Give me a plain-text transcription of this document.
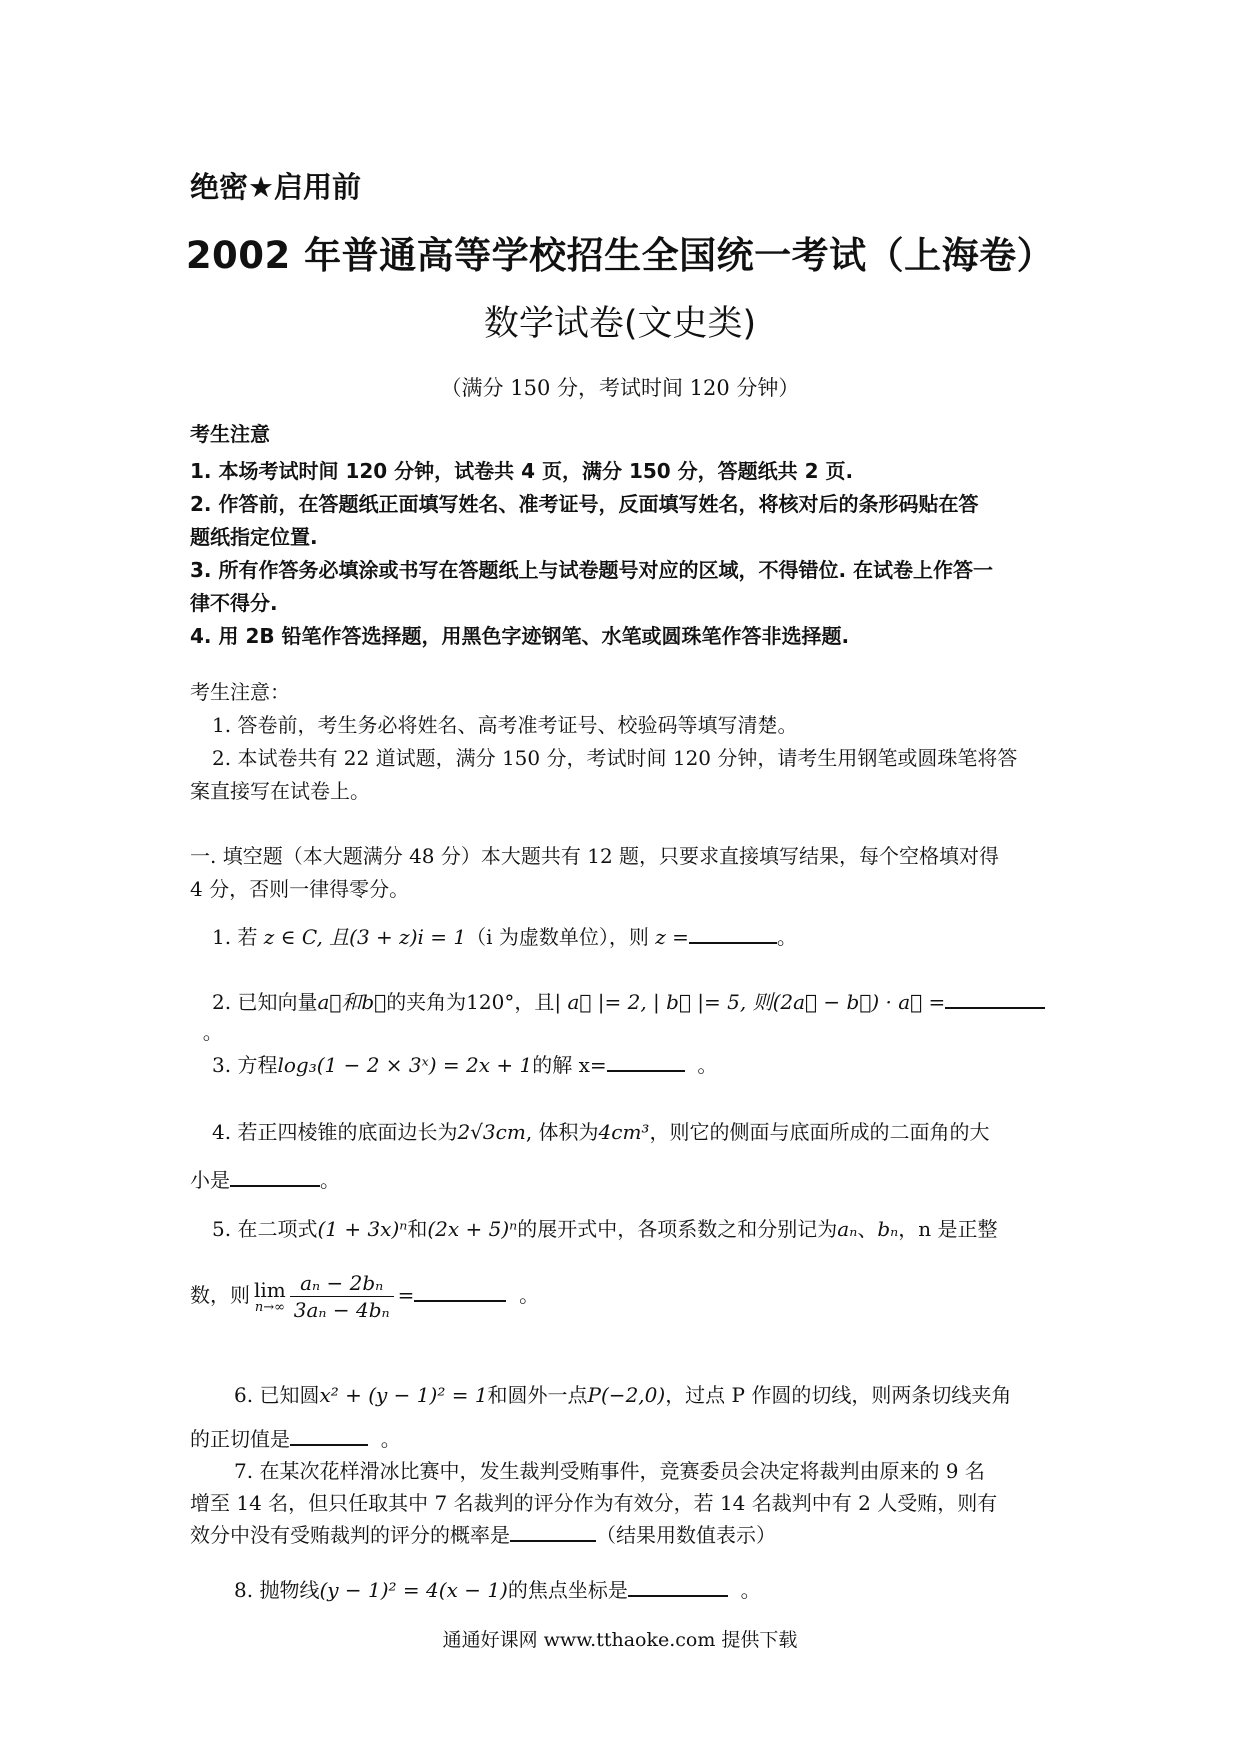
绝密★启用前
2002 年普通高等学校招生全国统一考试（上海卷）
数学试卷(文史类)
（满分 150 分，考试时间 120 分钟）
考生注意
1. 本场考试时间 120 分钟，试卷共 4 页，满分 150 分，答题纸共 2 页.
2. 作答前，在答题纸正面填写姓名、准考证号，反面填写姓名，将核对后的条形码贴在答
题纸指定位置.
3. 所有作答务必填涂或书写在答题纸上与试卷题号对应的区域，不得错位. 在试卷上作答一
律不得分.
4. 用 2B 铅笔作答选择题，用黑色字迹钢笔、水笔或圆珠笔作答非选择题.
考生注意：
1. 答卷前，考生务必将姓名、高考准考证号、校验码等填写清楚。
2. 本试卷共有 22 道试题，满分 150 分，考试时间 120 分钟，请考生用钢笔或圆珠笔将答
案直接写在试卷上。
一. 填空题（本大题满分 48 分）本大题共有 12 题，只要求直接填写结果，每个空格填对得
4 分，否则一律得零分。
1. 若 z ∈ C, 且(3 + z)i = 1（i 为虚数单位），则 z =	。
2. 已知向量a⃗和b⃗的夹角为120°，且| a⃗ |= 2, | b⃗ |= 5, 则(2a⃗ − b⃗) · a⃗ =  。
3. 方程log₃(1 − 2 × 3ˣ) = 2x + 1的解 x=	。
4. 若正四棱锥的底面边长为2√3cm, 体积为4cm³，则它的侧面与底面所成的二面角的大
小是	。
5. 在二项式(1 + 3x)ⁿ和(2x + 5)ⁿ的展开式中，各项系数之和分别记为aₙ、bₙ，n 是正整
数，则 lim
$n\to\infty \frac{\text{aₙ − 2bₙ}}{\text{3aₙ − 4bₙ}}$ =	。
6. 已知圆x² + (y − 1)² = 1和圆外一点P(−2,0)，过点 P 作圆的切线，则两条切线夹角
的正切值是	。
7. 在某次花样滑冰比赛中，发生裁判受贿事件，竞赛委员会决定将裁判由原来的 9 名
增至 14 名，但只任取其中 7 名裁判的评分作为有效分，若 14 名裁判中有 2 人受贿，则有
效分中没有受贿裁判的评分的概率是	（结果用数值表示）
8. 抛物线(y − 1)² = 4(x − 1)的焦点坐标是	。
通通好课网 www.tthaoke.com 提供下载
